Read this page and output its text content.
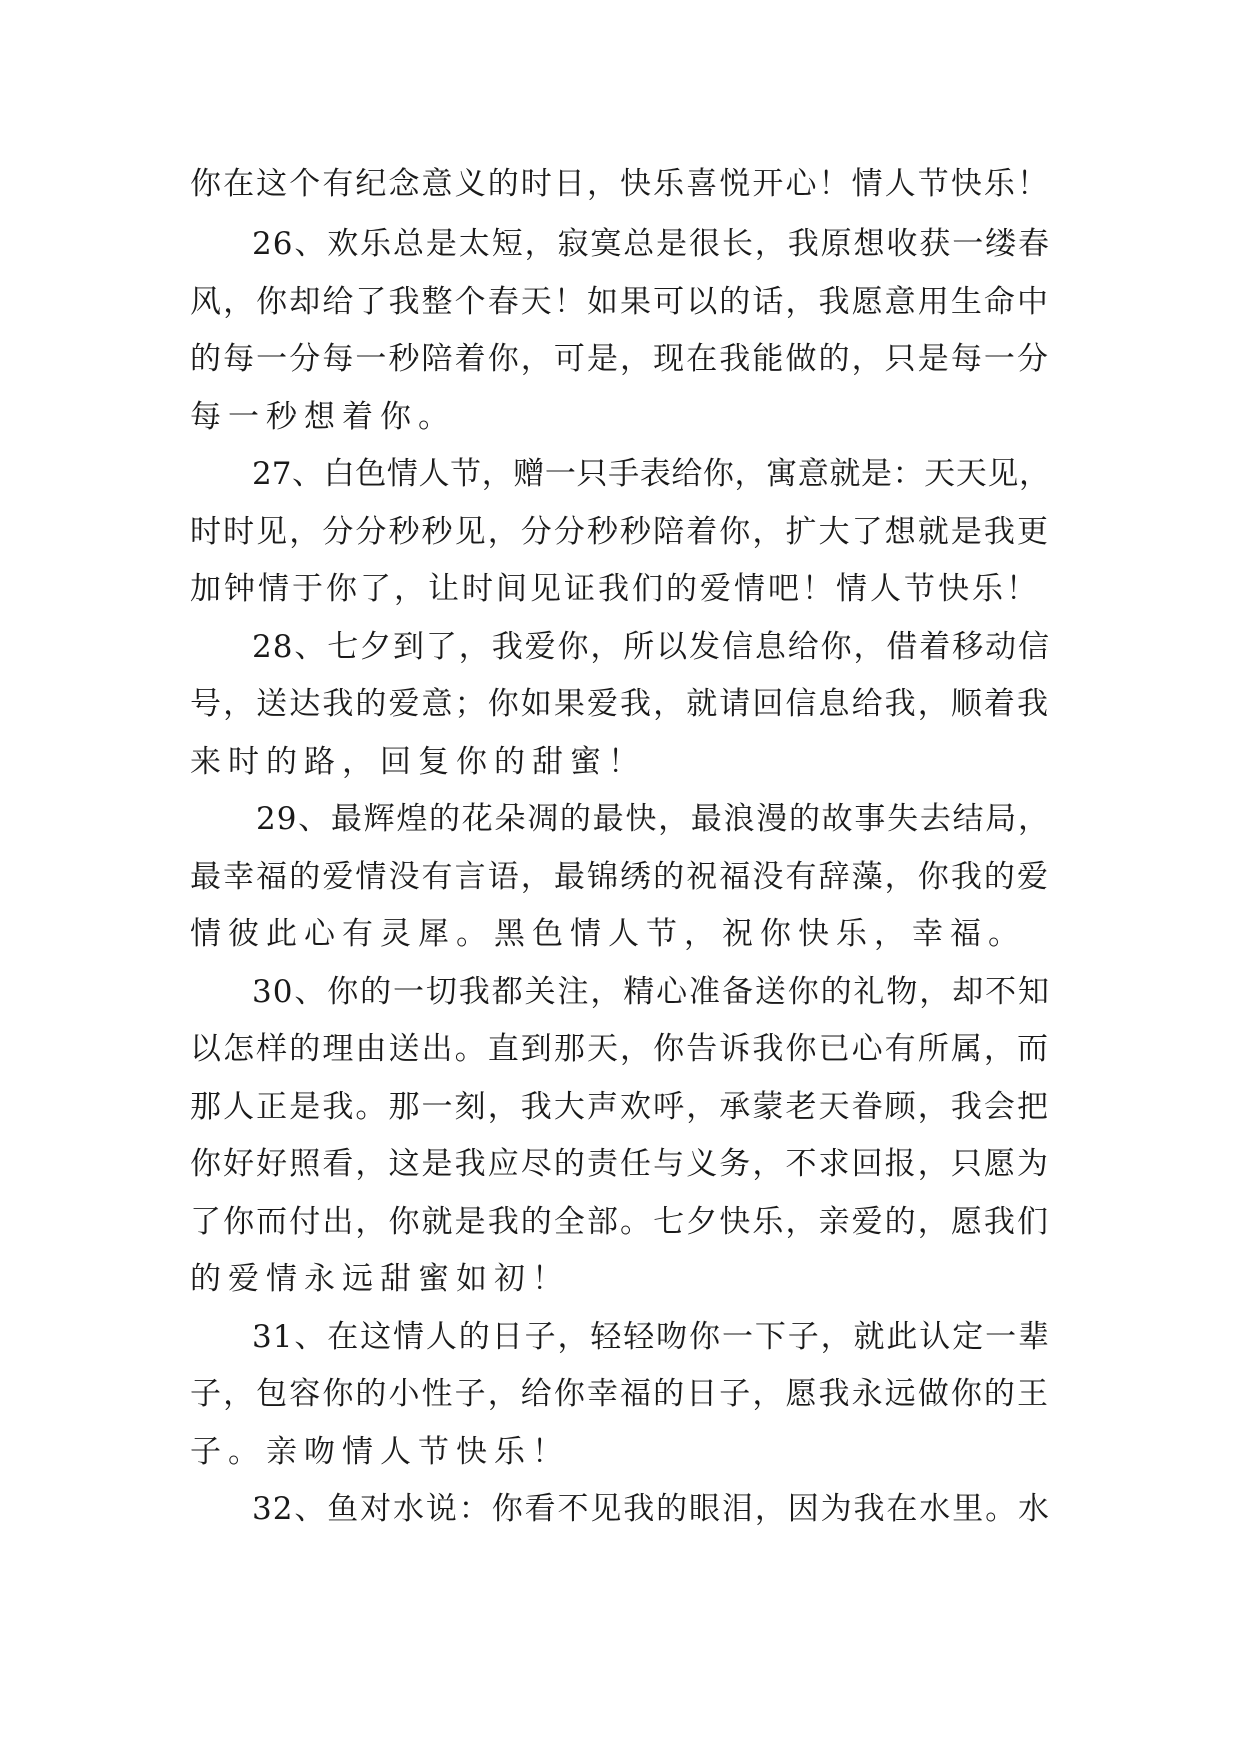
你在这个有纪念意义的时日，快乐喜悦开心！情人节快乐！
26、欢乐总是太短，寂寞总是很长，我原想收获一缕春
风，你却给了我整个春天！如果可以的话，我愿意用生命中
的每一分每一秒陪着你，可是，现在我能做的，只是每一分
每一秒想着你。
27、白色情人节，赠一只手表给你，寓意就是：天天见，
时时见，分分秒秒见，分分秒秒陪着你，扩大了想就是我更
加钟情于你了，让时间见证我们的爱情吧！情人节快乐！
28、七夕到了，我爱你，所以发信息给你，借着移动信
号，送达我的爱意；你如果爱我，就请回信息给我，顺着我
来时的路，回复你的甜蜜！
29、最辉煌的花朵凋的最快，最浪漫的故事失去结局，
最幸福的爱情没有言语，最锦绣的祝福没有辞藻，你我的爱
情彼此心有灵犀。黑色情人节，祝你快乐，幸福。
30、你的一切我都关注，精心准备送你的礼物，却不知
以怎样的理由送出。直到那天，你告诉我你已心有所属，而
那人正是我。那一刻，我大声欢呼，承蒙老天眷顾，我会把
你好好照看，这是我应尽的责任与义务，不求回报，只愿为
了你而付出，你就是我的全部。七夕快乐，亲爱的，愿我们
的爱情永远甜蜜如初！
31、在这情人的日子，轻轻吻你一下子，就此认定一辈
子，包容你的小性子，给你幸福的日子，愿我永远做你的王
子。亲吻情人节快乐！
32、鱼对水说：你看不见我的眼泪，因为我在水里。水
